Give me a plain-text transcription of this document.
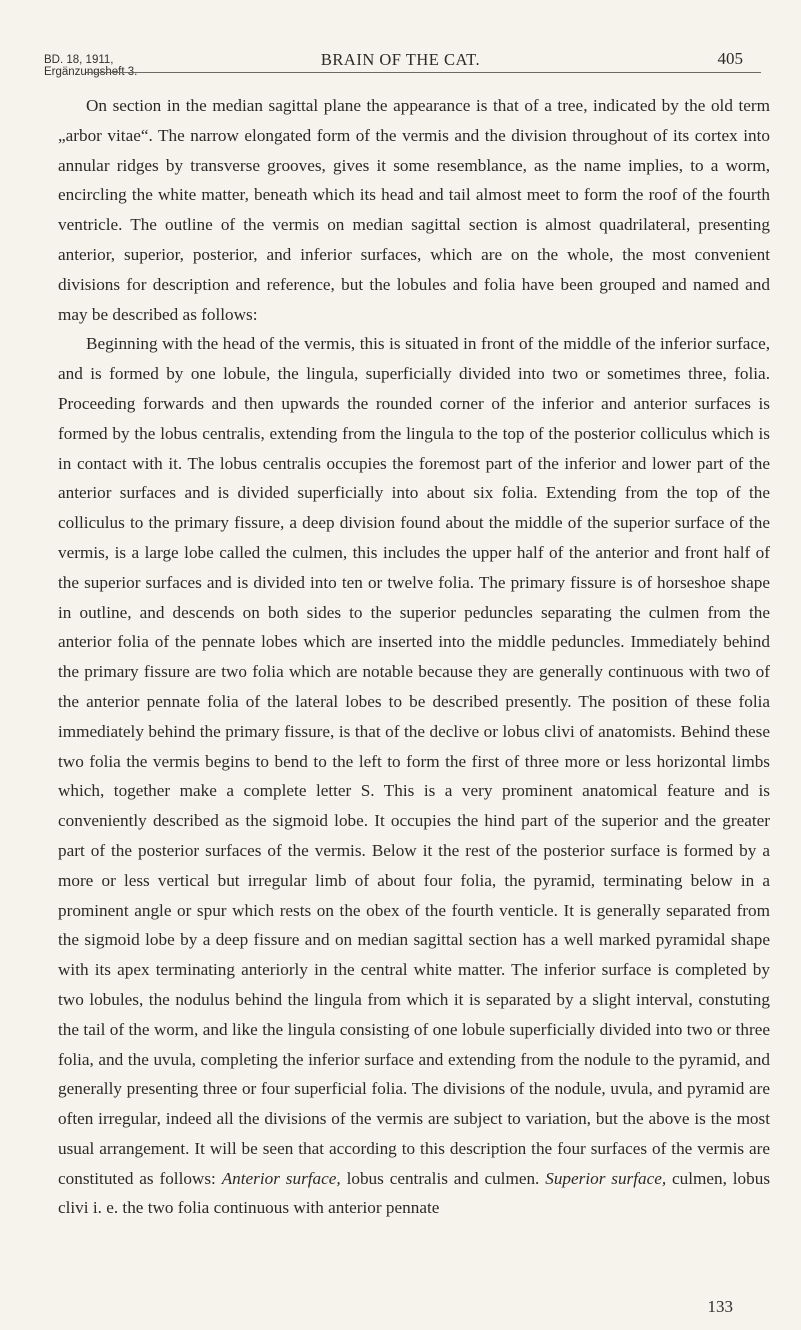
BD. 18, 1911,
Ergänzungsheft 3.
BRAIN OF THE CAT.	405

On section in the median sagittal plane the appearance is that of a tree, indicated by the old term „arbor vitae“. The narrow elongated form of the vermis and the division throughout of its cortex into annular ridges by transverse grooves, gives it some resemblance, as the name implies, to a worm, encircling the white matter, beneath which its head and tail almost meet to form the roof of the fourth ventricle. The outline of the vermis on median sagittal section is almost quadrilateral, presenting anterior, superior, posterior, and inferior surfaces, which are on the whole, the most convenient divisions for description and reference, but the lobules and folia have been grouped and named and may be described as follows:

Beginning with the head of the vermis, this is situated in front of the middle of the inferior surface, and is formed by one lobule, the lingula, superficially divided into two or sometimes three, folia. Proceeding forwards and then upwards the rounded corner of the inferior and anterior surfaces is formed by the lobus centralis, extending from the lingula to the top of the posterior colliculus which is in contact with it. The lobus centralis occupies the foremost part of the inferior and lower part of the anterior surfaces and is divided superficially into about six folia. Extending from the top of the colliculus to the primary fissure, a deep division found about the middle of the superior surface of the vermis, is a large lobe called the culmen, this includes the upper half of the anterior and front half of the superior surfaces and is divided into ten or twelve folia. The primary fissure is of horseshoe shape in outline, and descends on both sides to the superior peduncles separating the culmen from the anterior folia of the pennate lobes which are inserted into the middle peduncles. Immediately behind the primary fissure are two folia which are notable because they are generally continuous with two of the anterior pennate folia of the lateral lobes to be described presently. The position of these folia immediately behind the primary fissure, is that of the declive or lobus clivi of anatomists. Behind these two folia the vermis begins to bend to the left to form the first of three more or less horizontal limbs which, together make a complete letter S. This is a very prominent anatomical feature and is conveniently described as the sigmoid lobe. It occupies the hind part of the superior and the greater part of the posterior surfaces of the vermis. Below it the rest of the posterior surface is formed by a more or less vertical but irregular limb of about four folia, the pyramid, terminating below in a prominent angle or spur which rests on the obex of the fourth venticle. It is generally separated from the sigmoid lobe by a deep fissure and on median sagittal section has a well marked pyramidal shape with its apex terminating anteriorly in the central white matter. The inferior surface is completed by two lobules, the nodulus behind the lingula from which it is separated by a slight interval, constuting the tail of the worm, and like the lingula consisting of one lobule superficially divided into two or three folia, and the uvula, completing the inferior surface and extending from the nodule to the pyramid, and generally presenting three or four superficial folia. The divisions of the nodule, uvula, and pyramid are often irregular, indeed all the divisions of the vermis are subject to variation, but the above is the most usual arrangement. It will be seen that according to this description the four surfaces of the vermis are constituted as follows: Anterior surface, lobus centralis and culmen. Superior surface, culmen, lobus clivi i. e. the two folia continuous with anterior pennate

133
